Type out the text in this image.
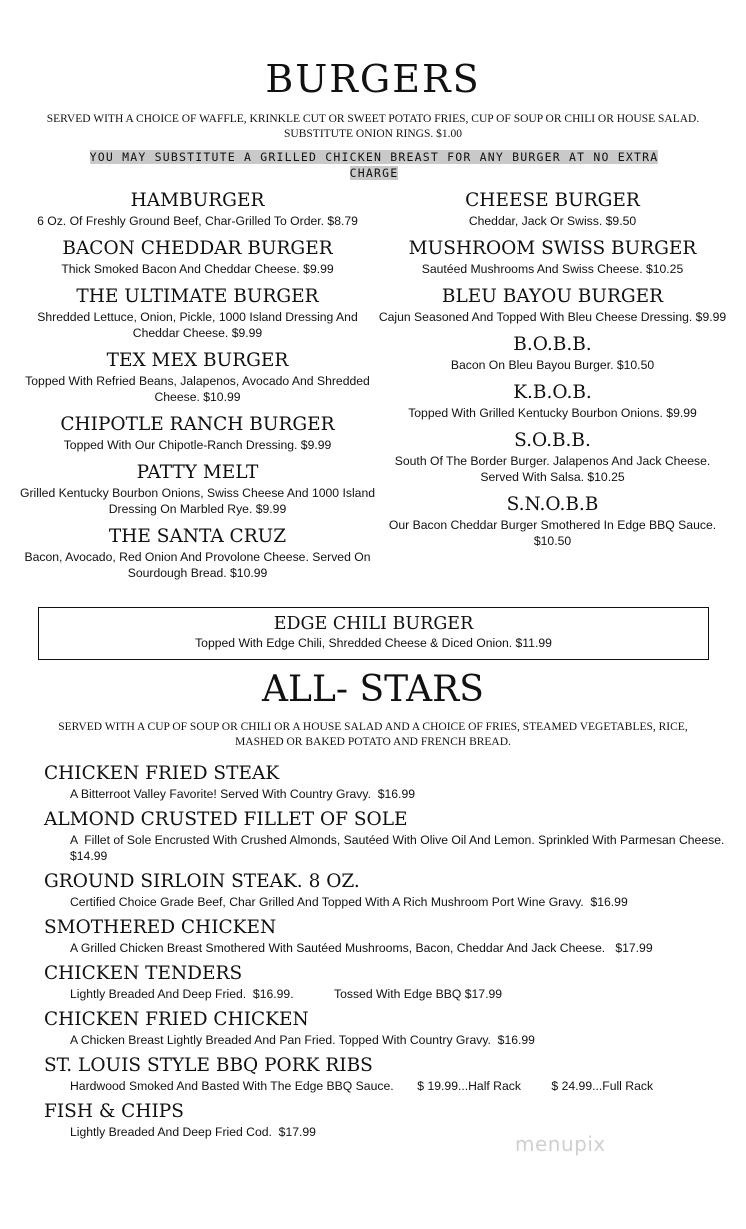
BURGERS
SERVED WITH A CHOICE OF WAFFLE, KRINKLE CUT OR SWEET POTATO FRIES, CUP OF SOUP OR CHILI OR HOUSE SALAD. SUBSTITUTE ONION RINGS. $1.00
YOU MAY SUBSTITUTE A GRILLED CHICKEN BREAST FOR ANY BURGER AT NO EXTRA CHARGE
HAMBURGER
6 Oz. Of Freshly Ground Beef, Char-Grilled To Order. $8.79
BACON CHEDDAR BURGER
Thick Smoked Bacon And Cheddar Cheese. $9.99
THE ULTIMATE BURGER
Shredded Lettuce, Onion, Pickle, 1000 Island Dressing And Cheddar Cheese. $9.99
TEX MEX BURGER
Topped With Refried Beans, Jalapenos, Avocado And Shredded Cheese. $10.99
CHIPOTLE RANCH BURGER
Topped With Our Chipotle-Ranch Dressing. $9.99
PATTY MELT
Grilled Kentucky Bourbon Onions, Swiss Cheese And 1000 Island Dressing On Marbled Rye. $9.99
THE SANTA CRUZ
Bacon, Avocado, Red Onion And Provolone Cheese. Served On Sourdough Bread. $10.99
CHEESE BURGER
Cheddar, Jack Or Swiss. $9.50
MUSHROOM SWISS BURGER
Sautéed Mushrooms And Swiss Cheese. $10.25
BLEU BAYOU BURGER
Cajun Seasoned And Topped With Bleu Cheese Dressing. $9.99
B.O.B.B.
Bacon On Bleu Bayou Burger. $10.50
K.B.O.B.
Topped With Grilled Kentucky Bourbon Onions. $9.99
S.O.B.B.
South Of The Border Burger. Jalapenos And Jack Cheese. Served With Salsa. $10.25
S.N.O.B.B
Our Bacon Cheddar Burger Smothered In Edge BBQ Sauce. $10.50
EDGE CHILI BURGER
Topped With Edge Chili, Shredded Cheese & Diced Onion. $11.99
ALL- STARS
SERVED WITH A CUP OF SOUP OR CHILI OR A HOUSE SALAD AND A CHOICE OF FRIES, STEAMED VEGETABLES, RICE, MASHED OR BAKED POTATO AND FRENCH BREAD.
CHICKEN FRIED STEAK
A Bitterroot Valley Favorite! Served With Country Gravy.  $16.99
ALMOND CRUSTED FILLET OF SOLE
A  Fillet of Sole Encrusted With Crushed Almonds, Sautéed With Olive Oil And Lemon. Sprinkled With Parmesan Cheese.
$14.99
GROUND SIRLOIN STEAK. 8 OZ.
Certified Choice Grade Beef, Char Grilled And Topped With A Rich Mushroom Port Wine Gravy.  $16.99
SMOTHERED CHICKEN
A Grilled Chicken Breast Smothered With Sautéed Mushrooms, Bacon, Cheddar And Jack Cheese.   $17.99
CHICKEN TENDERS
Lightly Breaded And Deep Fried.  $16.99.            Tossed With Edge BBQ $17.99
CHICKEN FRIED CHICKEN
A Chicken Breast Lightly Breaded And Pan Fried. Topped With Country Gravy.  $16.99
ST. LOUIS STYLE BBQ PORK RIBS
Hardwood Smoked And Basted With The Edge BBQ Sauce.       $ 19.99...Half Rack         $ 24.99...Full Rack
FISH & CHIPS
Lightly Breaded And Deep Fried Cod.  $17.99	menupix
